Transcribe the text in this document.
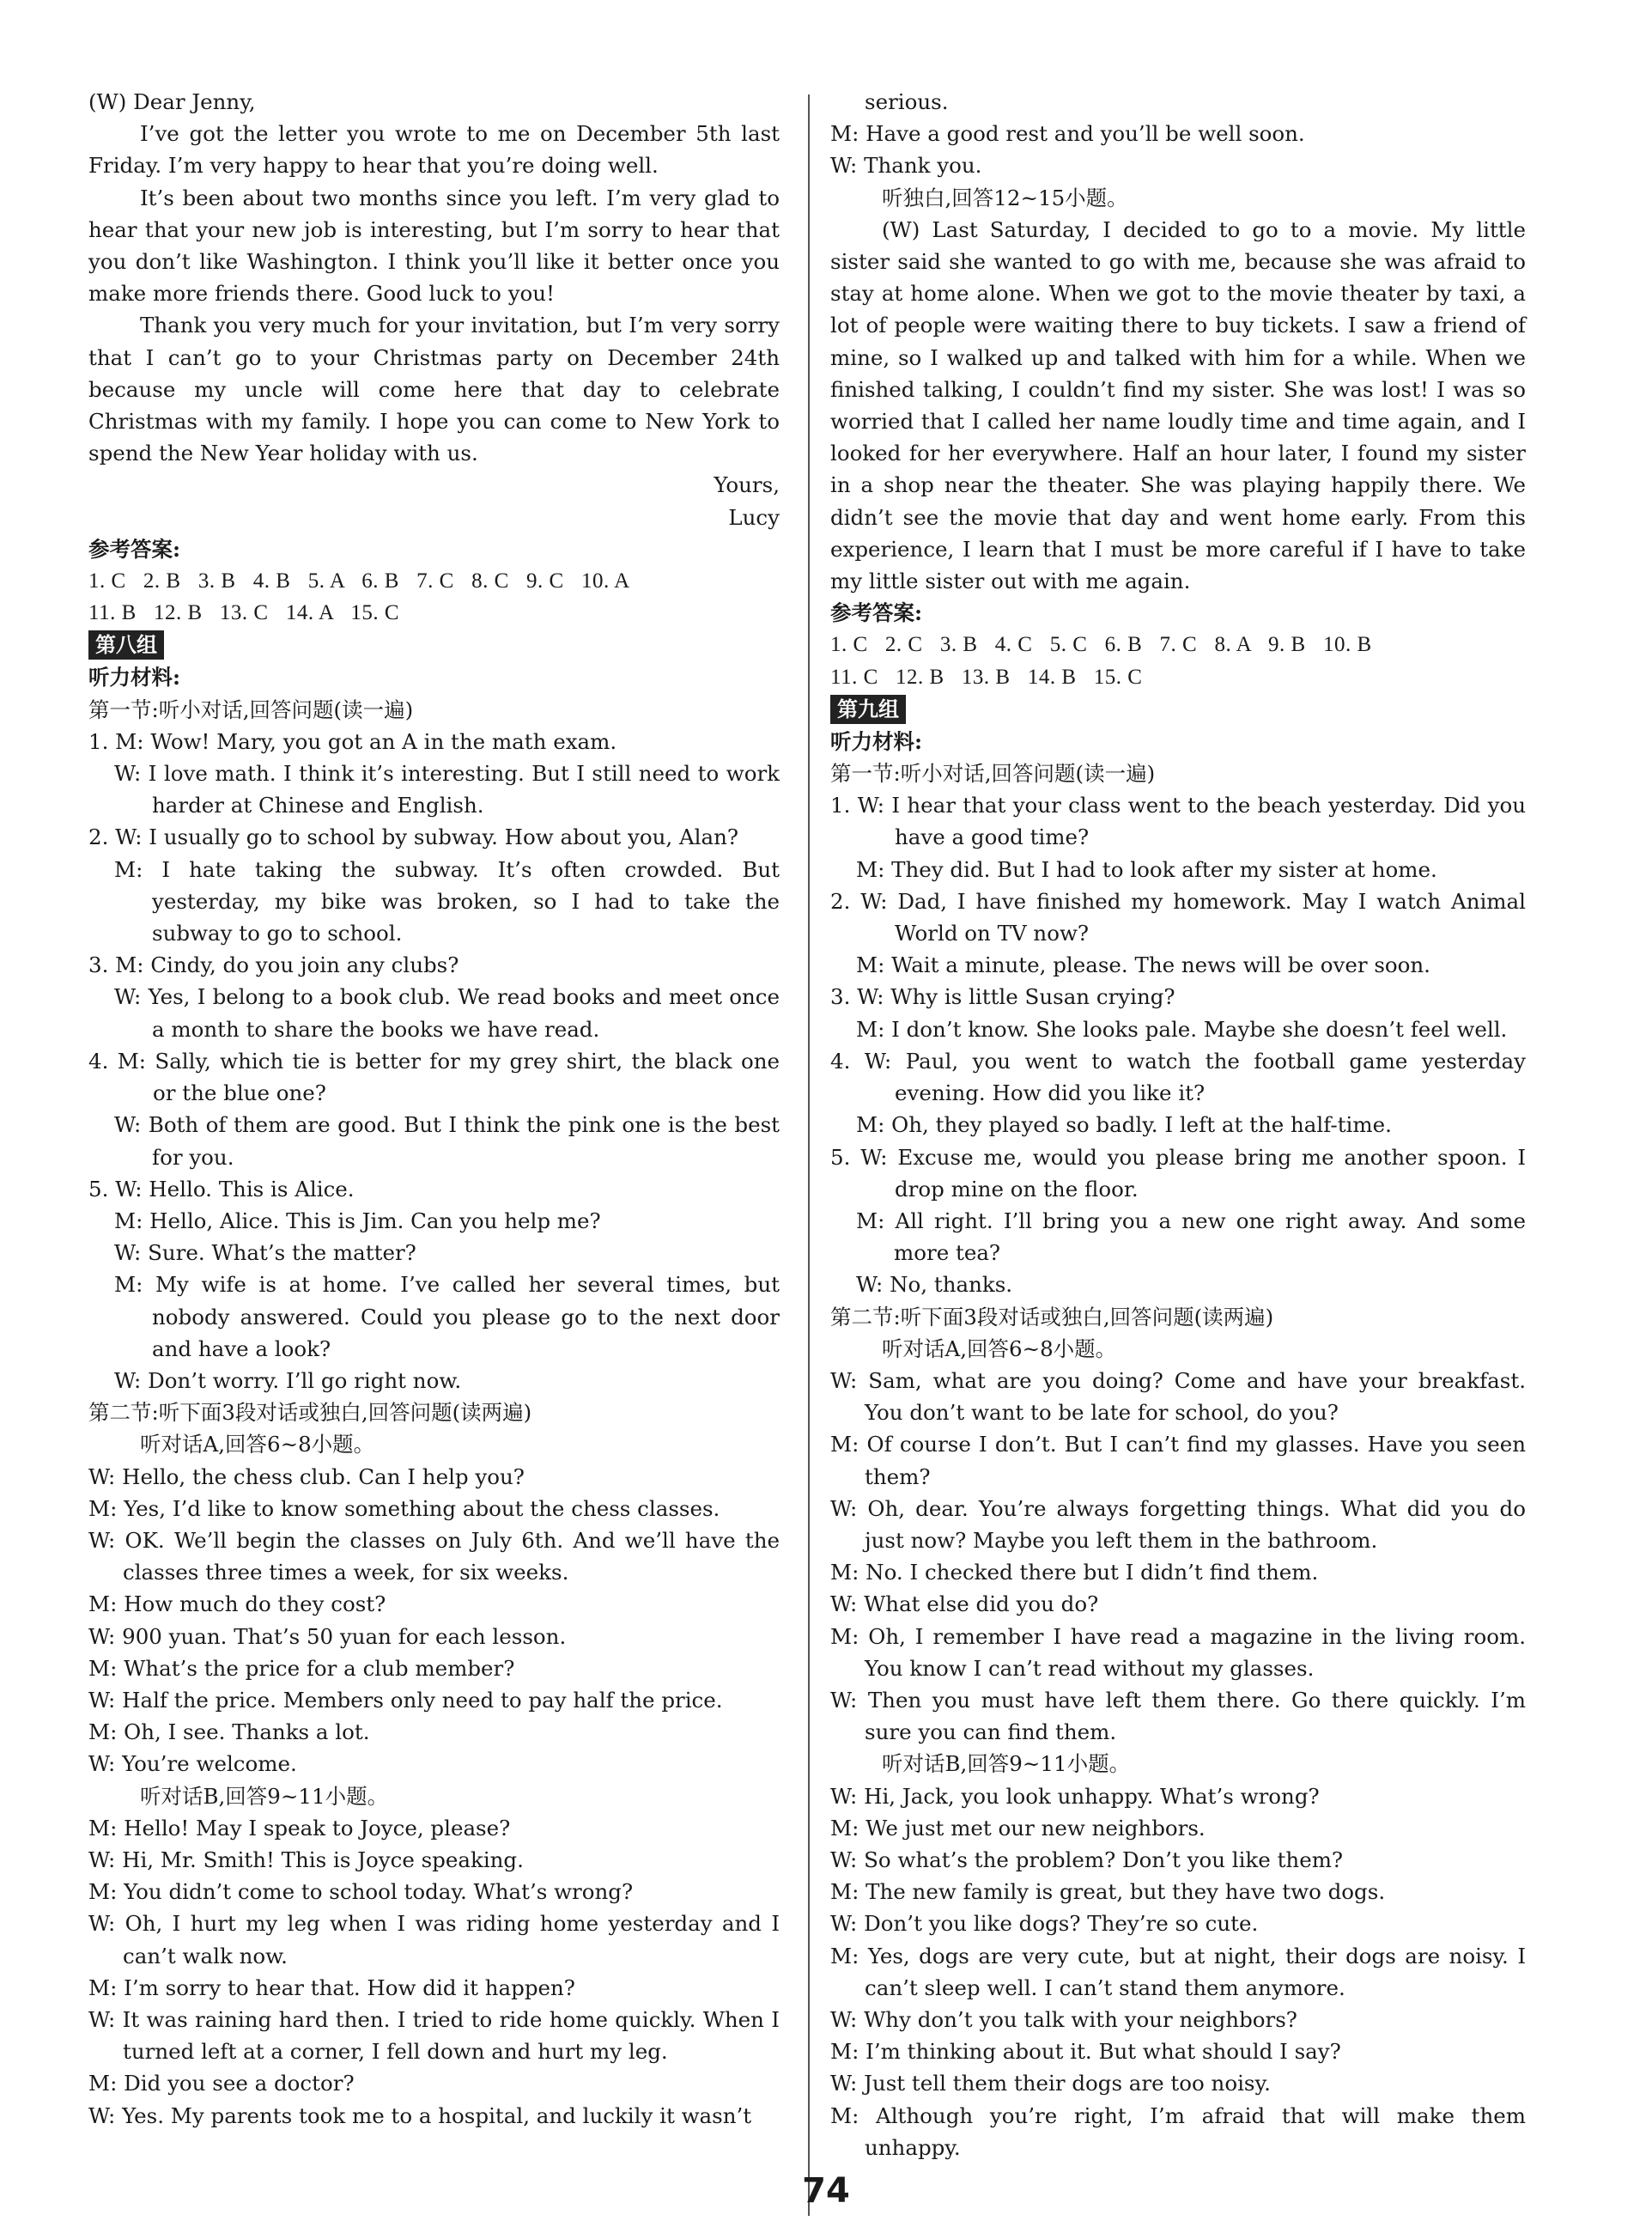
(W) Dear Jenny,

I’ve got the letter you wrote to me on December 5th last Friday. I’m very happy to hear that you’re doing well.

It’s been about two months since you left. I’m very glad to hear that your new job is interesting, but I’m sorry to hear that you don’t like Washington. I think you’ll like it better once you make more friends there. Good luck to you!

Thank you very much for your invitation, but I’m very sorry that I can’t go to your Christmas party on December 24th because my uncle will come here that day to celebrate Christmas with my family. I hope you can come to New York to spend the New Year holiday with us.

Yours,

Lucy

参考答案:

1. C   2. B   3. B   4. B   5. A   6. B   7. C   8. C   9. C   10. A

11. B   12. B   13. C   14. A   15. C

第八组

听力材料:

第一节:听小对话,回答问题(读一遍)

1. M: Wow! Mary, you got an A in the math exam.

W: I love math. I think it’s interesting. But I still need to work harder at Chinese and English.

2. W: I usually go to school by subway. How about you, Alan?

M: I hate taking the subway. It’s often crowded. But yesterday, my bike was broken, so I had to take the subway to go to school.

3. M: Cindy, do you join any clubs?

W: Yes, I belong to a book club. We read books and meet once a month to share the books we have read.

4. M: Sally, which tie is better for my grey shirt, the black one or the blue one?

W: Both of them are good. But I think the pink one is the best for you.

5. W: Hello. This is Alice.

M: Hello, Alice. This is Jim. Can you help me?

W: Sure. What’s the matter?

M: My wife is at home. I’ve called her several times, but nobody answered. Could you please go to the next door and have a look?

W: Don’t worry. I’ll go right now.

第二节:听下面3段对话或独白,回答问题(读两遍)

听对话A,回答6~8小题。

W: Hello, the chess club. Can I help you?

M: Yes, I’d like to know something about the chess classes.

W: OK. We’ll begin the classes on July 6th. And we’ll have the classes three times a week, for six weeks.

M: How much do they cost?

W: 900 yuan. That’s 50 yuan for each lesson.

M: What’s the price for a club member?

W: Half the price. Members only need to pay half the price.

M: Oh, I see. Thanks a lot.

W: You’re welcome.

听对话B,回答9~11小题。

M: Hello! May I speak to Joyce, please?

W: Hi, Mr. Smith! This is Joyce speaking.

M: You didn’t come to school today. What’s wrong?

W: Oh, I hurt my leg when I was riding home yesterday and I can’t walk now.

M: I’m sorry to hear that. How did it happen?

W: It was raining hard then. I tried to ride home quickly. When I turned left at a corner, I fell down and hurt my leg.

M: Did you see a doctor?

W: Yes. My parents took me to a hospital, and luckily it wasn’t

serious.

M: Have a good rest and you’ll be well soon.

W: Thank you.

听独白,回答12~15小题。

(W) Last Saturday, I decided to go to a movie. My little sister said she wanted to go with me, because she was afraid to stay at home alone. When we got to the movie theater by taxi, a lot of people were waiting there to buy tickets. I saw a friend of mine, so I walked up and talked with him for a while. When we finished talking, I couldn’t find my sister. She was lost! I was so worried that I called her name loudly time and time again, and I looked for her everywhere. Half an hour later, I found my sister in a shop near the theater. She was playing happily there. We didn’t see the movie that day and went home early. From this experience, I learn that I must be more careful if I have to take my little sister out with me again.

参考答案:

1. C   2. C   3. B   4. C   5. C   6. B   7. C   8. A   9. B   10. B

11. C   12. B   13. B   14. B   15. C

第九组

听力材料:

第一节:听小对话,回答问题(读一遍)

1. W: I hear that your class went to the beach yesterday. Did you have a good time?

M: They did. But I had to look after my sister at home.

2. W: Dad, I have finished my homework. May I watch Animal World on TV now?

M: Wait a minute, please. The news will be over soon.

3. W: Why is little Susan crying?

M: I don’t know. She looks pale. Maybe she doesn’t feel well.

4. W: Paul, you went to watch the football game yesterday evening. How did you like it?

M: Oh, they played so badly. I left at the half-time.

5. W: Excuse me, would you please bring me another spoon. I drop mine on the floor.

M: All right. I’ll bring you a new one right away. And some more tea?

W: No, thanks.

第二节:听下面3段对话或独白,回答问题(读两遍)

听对话A,回答6~8小题。

W: Sam, what are you doing? Come and have your breakfast. You don’t want to be late for school, do you?

M: Of course I don’t. But I can’t find my glasses. Have you seen them?

W: Oh, dear. You’re always forgetting things. What did you do just now? Maybe you left them in the bathroom.

M: No. I checked there but I didn’t find them.

W: What else did you do?

M: Oh, I remember I have read a magazine in the living room. You know I can’t read without my glasses.

W: Then you must have left them there. Go there quickly. I’m sure you can find them.

听对话B,回答9~11小题。

W: Hi, Jack, you look unhappy. What’s wrong?

M: We just met our new neighbors.

W: So what’s the problem? Don’t you like them?

M: The new family is great, but they have two dogs.

W: Don’t you like dogs? They’re so cute.

M: Yes, dogs are very cute, but at night, their dogs are noisy. I can’t sleep well. I can’t stand them anymore.

W: Why don’t you talk with your neighbors?

M: I’m thinking about it. But what should I say?

W: Just tell them their dogs are too noisy.

M: Although you’re right, I’m afraid that will make them unhappy.

74
